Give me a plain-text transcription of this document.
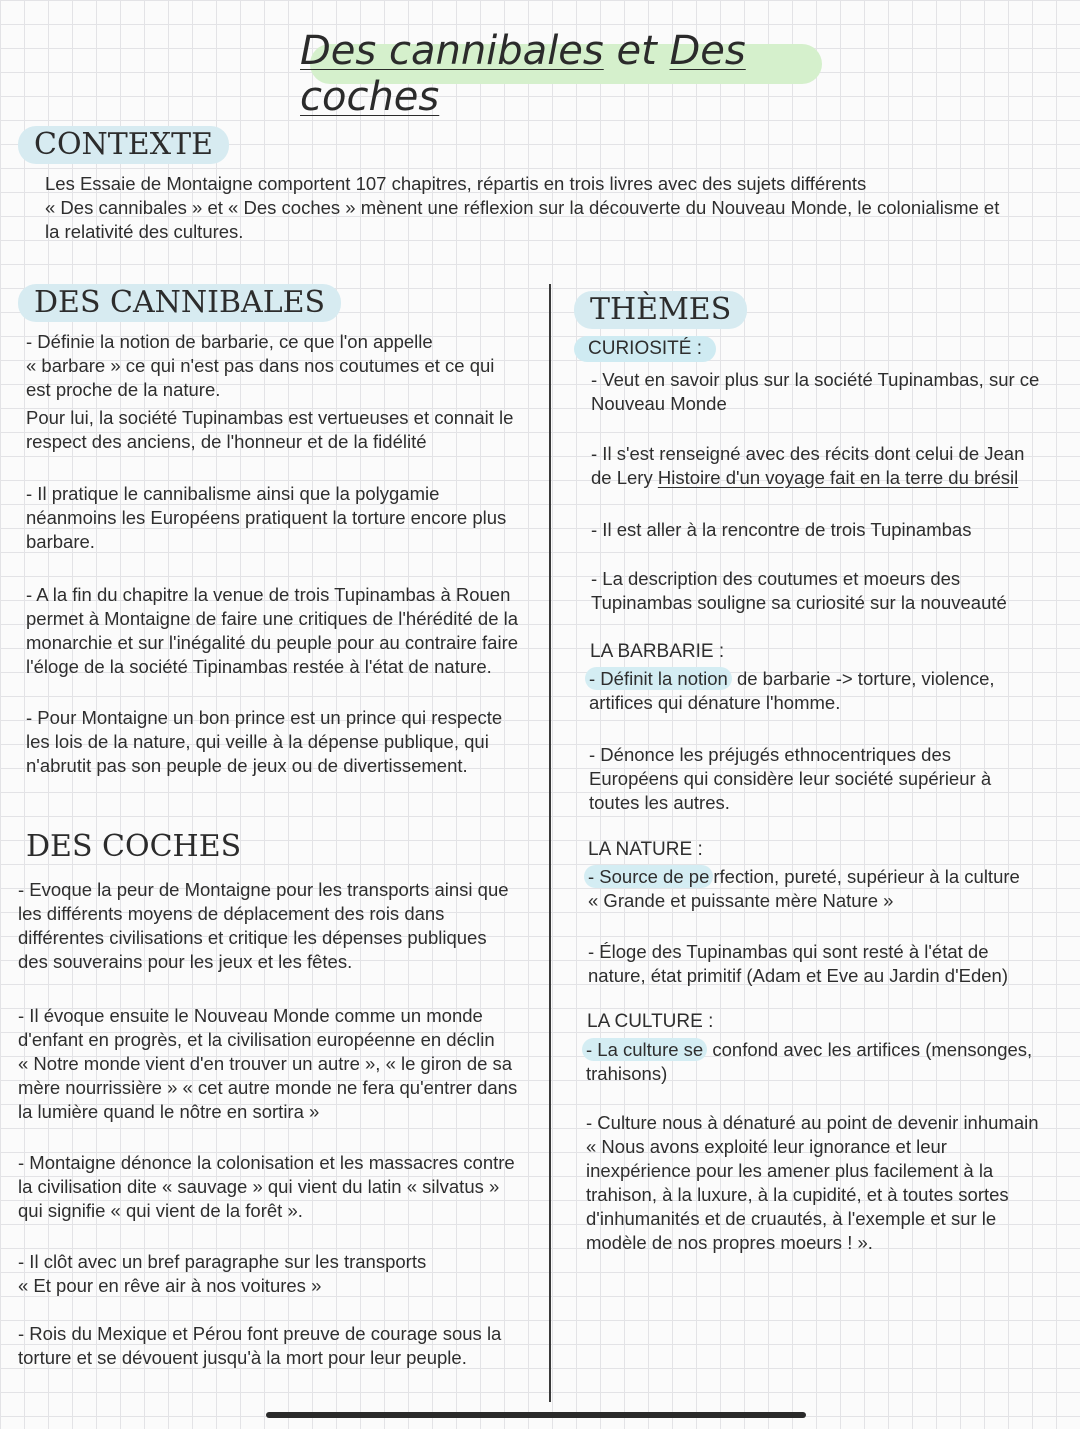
Des cannibales et Des coches
CONTEXTE
Les Essaie de Montaigne comportent 107 chapitres, répartis en trois livres avec des sujets différents
« Des cannibales » et « Des coches » mènent une réflexion sur la découverte du Nouveau Monde, le colonialisme et
la relativité des cultures.
DES CANNIBALES
- Définie la notion de barbarie, ce que l'on appelle
« barbare » ce qui n'est pas dans nos coutumes et ce qui
est proche de la nature.
Pour lui, la société Tupinambas est vertueuses et connait le
respect des anciens, de l'honneur et de la fidélité
- Il pratique le cannibalisme ainsi que la polygamie
néanmoins les Européens pratiquent la torture encore plus
barbare.
- A la fin du chapitre la venue de trois Tupinambas à Rouen
permet à Montaigne de faire une critiques de l'hérédité de la
monarchie et sur l'inégalité du peuple pour au contraire faire
l'éloge de la société Tipinambas restée à l'état de nature.
- Pour Montaigne un bon prince est un prince qui respecte
les lois de la nature, qui veille à la dépense publique, qui
n'abrutit pas son peuple de jeux ou de divertissement.
DES COCHES
- Evoque la peur de Montaigne pour les transports ainsi que
les différents moyens de déplacement des rois dans
différentes civilisations et critique les dépenses publiques
des souverains pour les jeux et les fêtes.
- Il évoque ensuite le Nouveau Monde comme un monde
d'enfant en progrès, et la civilisation européenne en déclin
« Notre monde vient d'en trouver un autre », « le giron de sa
mère nourrissière » « cet autre monde ne fera qu'entrer dans
la lumière quand le nôtre en sortira »
- Montaigne dénonce la colonisation et les massacres contre
la civilisation dite « sauvage » qui vient du latin « silvatus »
qui signifie « qui vient de la forêt ».
- Il clôt avec un bref paragraphe sur les transports
« Et pour en rêve air à nos voitures »
- Rois du Mexique et Pérou font preuve de courage sous la
torture et se dévouent jusqu'à la mort pour leur peuple.
THÈMES
CURIOSITÉ :
- Veut en savoir plus sur la société Tupinambas, sur ce
Nouveau Monde
- Il s'est renseigné avec des récits dont celui de Jean
de Lery Histoire d'un voyage fait en la terre du brésil
- Il est aller à la rencontre de trois Tupinambas
- La description des coutumes et moeurs des
Tupinambas souligne sa curiosité sur la nouveauté
LA BARBARIE :
- Définit la notion de barbarie -> torture, violence,
artifices qui dénature l'homme.
- Dénonce les préjugés ethnocentriques des
Européens qui considère leur société supérieur à
toutes les autres.
LA NATURE :
- Source de pe rfection, pureté, supérieur à la culture
« Grande et puissante mère Nature »
- Éloge des Tupinambas qui sont resté à l'état de
nature, état primitif (Adam et Eve au Jardin d'Eden)
LA CULTURE :
- La culture se confond avec les artifices (mensonges,
trahisons)
- Culture nous à dénaturé au point de devenir inhumain
« Nous avons exploité leur ignorance et leur
inexpérience pour les amener plus facilement à la
trahison, à la luxure, à la cupidité, et à toutes sortes
d'inhumanités et de cruautés, à l'exemple et sur le
modèle de nos propres moeurs ! ».
